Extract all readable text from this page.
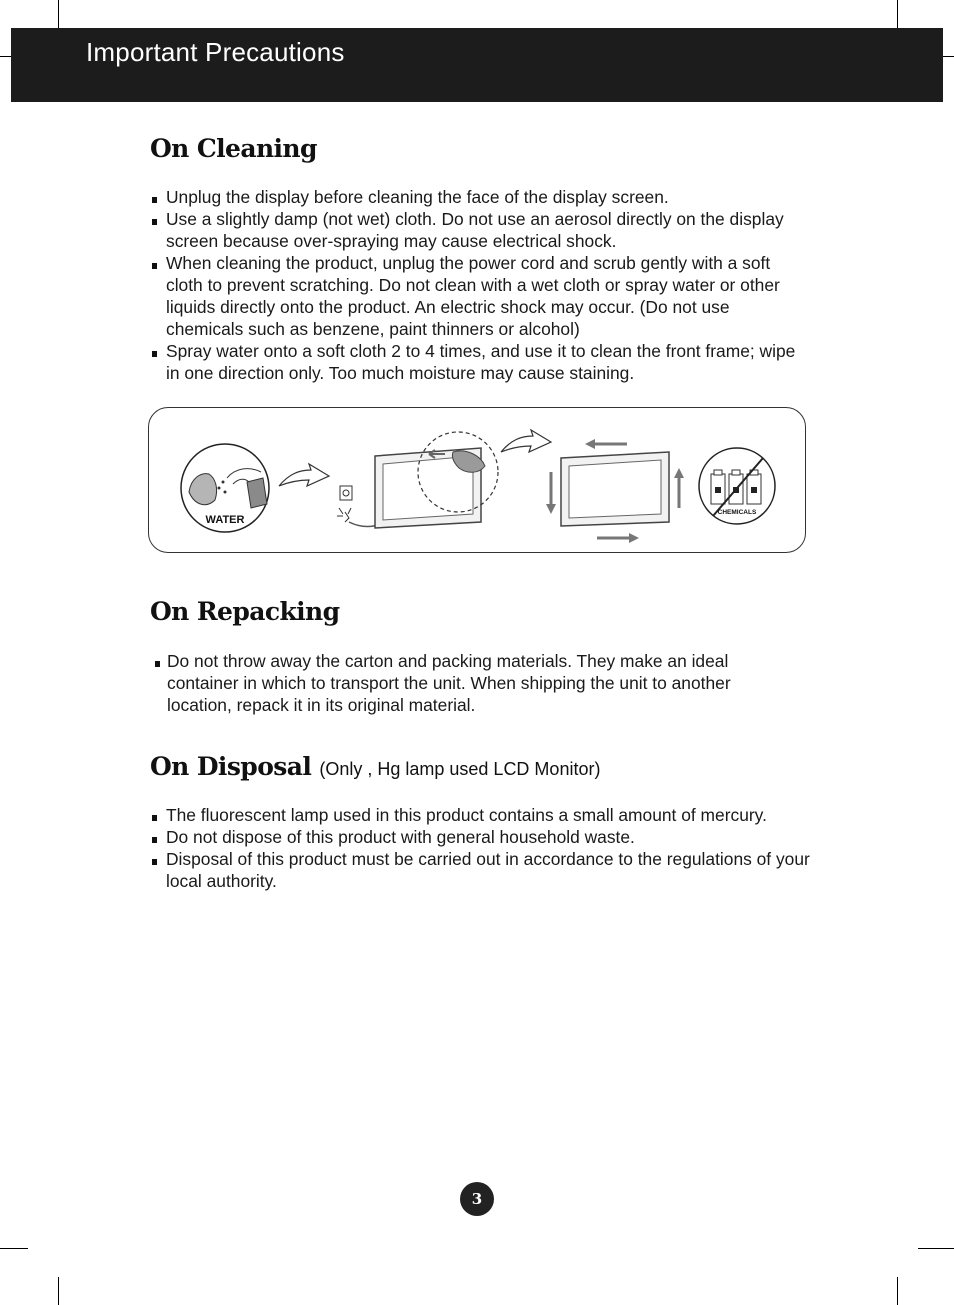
Important Precautions
On Cleaning
Unplug the display before cleaning the face of the display screen.
Use a slightly damp (not wet) cloth. Do not use an aerosol directly on the display screen because over-spraying may cause electrical shock.
When cleaning the product, unplug the power cord and scrub gently with a soft cloth to prevent scratching. Do not clean with a wet cloth or spray water or other liquids directly onto the product. An electric shock may occur. (Do not use chemicals such as benzene, paint thinners or alcohol)
Spray water onto a soft cloth 2 to 4 times, and use it to clean the front frame; wipe in one direction only. Too much moisture may cause staining.
WATER
CHEMICALS
On Repacking
Do not throw away the carton and packing materials. They make an ideal container in which to transport the unit. When shipping the unit to another location, repack it in its original material.
On Disposal (Only , Hg lamp used LCD Monitor)
The fluorescent lamp used in this product contains a small amount of mercury.
Do not dispose of this product with general household waste.
Disposal of this product must be carried out in accordance to the regulations of your local authority.
3
